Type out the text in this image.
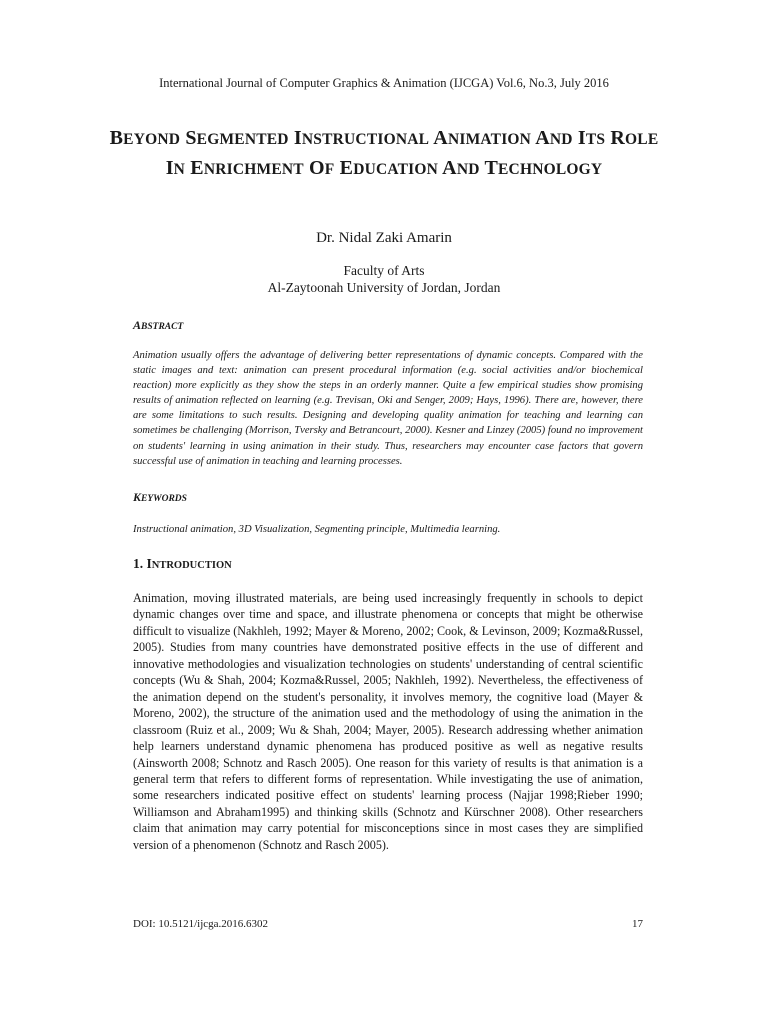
International Journal of Computer Graphics & Animation (IJCGA) Vol.6, No.3, July 2016
BEYOND SEGMENTED INSTRUCTIONAL ANIMATION AND ITS ROLE IN ENRICHMENT OF EDUCATION AND TECHNOLOGY
Dr. Nidal Zaki Amarin
Faculty of Arts
Al-Zaytoonah University of Jordan, Jordan
ABSTRACT
Animation usually offers the advantage of delivering better representations of dynamic concepts. Compared with the static images and text: animation can present procedural information (e.g. social activities and/or biochemical reaction) more explicitly as they show the steps in an orderly manner. Quite a few empirical studies show promising results of animation reflected on learning (e.g. Trevisan, Oki and Senger, 2009; Hays, 1996). There are, however, there are some limitations to such results. Designing and developing quality animation for teaching and learning can sometimes be challenging (Morrison, Tversky and Betrancourt, 2000). Kesner and Linzey (2005) found no improvement on students' learning in using animation in their study. Thus, researchers may encounter case factors that govern successful use of animation in teaching and learning processes.
KEYWORDS
Instructional animation, 3D Visualization, Segmenting principle, Multimedia learning.
1. INTRODUCTION
Animation, moving illustrated materials, are being used increasingly frequently in schools to depict dynamic changes over time and space, and illustrate phenomena or concepts that might be otherwise difficult to visualize (Nakhleh, 1992; Mayer & Moreno, 2002; Cook, & Levinson, 2009; Kozma&Russel, 2005). Studies from many countries have demonstrated positive effects in the use of different and innovative methodologies and visualization technologies on students' understanding of central scientific concepts (Wu & Shah, 2004; Kozma&Russel, 2005; Nakhleh, 1992). Nevertheless, the effectiveness of the animation depend on the student's personality, it involves memory, the cognitive load (Mayer & Moreno, 2002), the structure of the animation used and the methodology of using the animation in the classroom (Ruiz et al., 2009; Wu & Shah, 2004; Mayer, 2005). Research addressing whether animation help learners understand dynamic phenomena has produced positive as well as negative results (Ainsworth 2008; Schnotz and Rasch 2005). One reason for this variety of results is that animation is a general term that refers to different forms of representation. While investigating the use of animation, some researchers indicated positive effect on students' learning process (Najjar 1998;Rieber 1990; Williamson and Abraham1995) and thinking skills (Schnotz and Kürschner 2008). Other researchers claim that animation may carry potential for misconceptions since in most cases they are simplified version of a phenomenon (Schnotz and Rasch 2005).
DOI: 10.5121/ijcga.2016.6302	17
